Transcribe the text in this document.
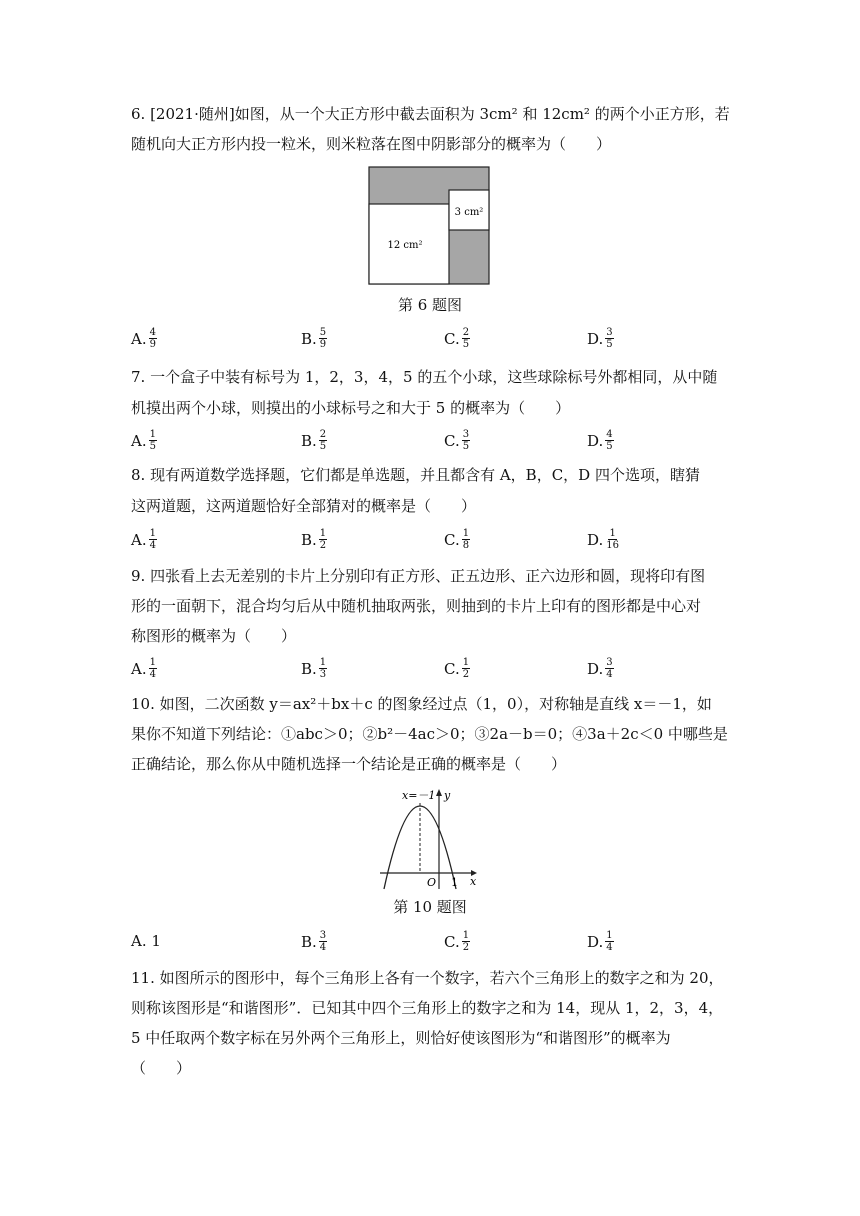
6. [2021·随州]如图，从一个大正方形中截去面积为 3cm² 和 12cm² 的两个小正方形，若
随机向大正方形内投一粒米，则米粒落在图中阴影部分的概率为（　　）
3 cm²
12 cm²
第 6 题图
A. $\frac{4}{9}$	B. $\frac{5}{9}$	C. $\frac{2}{5}$	D. $\frac{3}{5}$
7. 一个盒子中装有标号为 1，2，3，4，5 的五个小球，这些球除标号外都相同，从中随
机摸出两个小球，则摸出的小球标号之和大于 5 的概率为（　　）
A. $\frac{1}{5}$	B. $\frac{2}{5}$	C. $\frac{3}{5}$	D. $\frac{4}{5}$
8. 现有两道数学选择题，它们都是单选题，并且都含有 A，B，C，D 四个选项，瞎猜
这两道题，这两道题恰好全部猜对的概率是（　　）
A. $\frac{1}{4}$	B. $\frac{1}{2}$	C. $\frac{1}{8}$	D. $\frac{1}{16}$
9. 四张看上去无差别的卡片上分别印有正方形、正五边形、正六边形和圆，现将印有图
形的一面朝下，混合均匀后从中随机抽取两张，则抽到的卡片上印有的图形都是中心对
称图形的概率为（　　）
A. $\frac{1}{4}$	B. $\frac{1}{3}$	C. $\frac{1}{2}$	D. $\frac{3}{4}$
10. 如图，二次函数 y＝ax²＋bx＋c 的图象经过点（1，0），对称轴是直线 x＝－1，如
果你不知道下列结论：①abc＞0；②b²－4ac＞0；③2a－b＝0；④3a＋2c＜0 中哪些是
正确结论，那么你从中随机选择一个结论是正确的概率是（　　）
x=－1 y
x
O 1
第 10 题图
A. 1	B. $\frac{3}{4}$	C. $\frac{1}{2}$	D. $\frac{1}{4}$
11. 如图所示的图形中，每个三角形上各有一个数字，若六个三角形上的数字之和为 20，
则称该图形是“和谐图形”．已知其中四个三角形上的数字之和为 14，现从 1，2，3，4，
5 中任取两个数字标在另外两个三角形上，则恰好使该图形为“和谐图形”的概率为
（　　）
